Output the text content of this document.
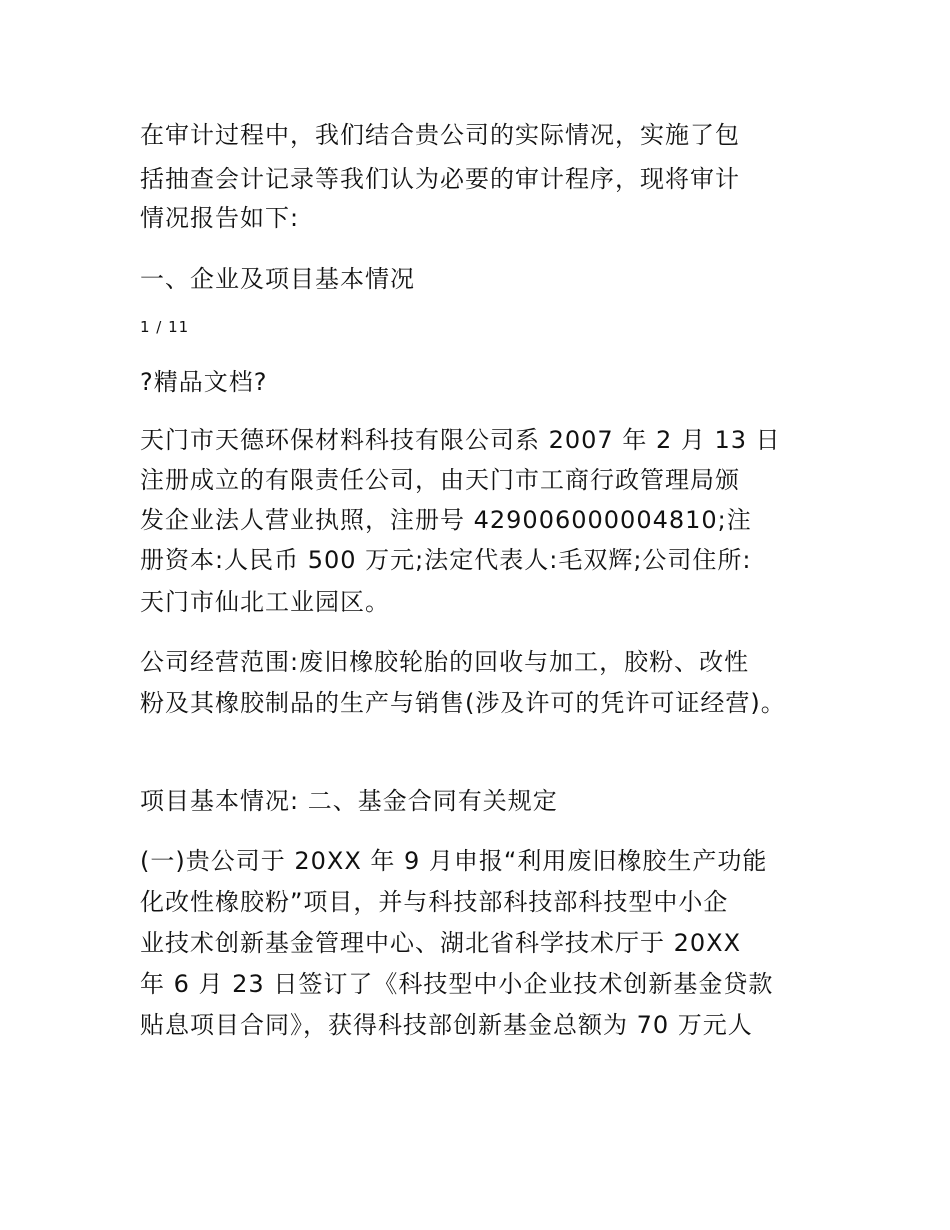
在审计过程中，我们结合贵公司的实际情况，实施了包
括抽查会计记录等我们认为必要的审计程序，现将审计
情况报告如下:
一、企业及项目基本情况
1 / 11
?精品文档?
天门市天德环保材料科技有限公司系 2007 年 2 月 13 日
注册成立的有限责任公司，由天门市工商行政管理局颁
发企业法人营业执照，注册号 429006000004810;注
册资本:人民币 500 万元;法定代表人:毛双辉;公司住所:
天门市仙北工业园区。
公司经营范围:废旧橡胶轮胎的回收与加工，胶粉、改性
粉及其橡胶制品的生产与销售(涉及许可的凭许可证经营)。
项目基本情况: 二、基金合同有关规定
(一)贵公司于 20XX 年 9 月申报“利用废旧橡胶生产功能
化改性橡胶粉”项目，并与科技部科技部科技型中小企
业技术创新基金管理中心、湖北省科学技术厅于 20XX
年 6 月 23 日签订了《科技型中小企业技术创新基金贷款
贴息项目合同》，获得科技部创新基金总额为 70 万元人
